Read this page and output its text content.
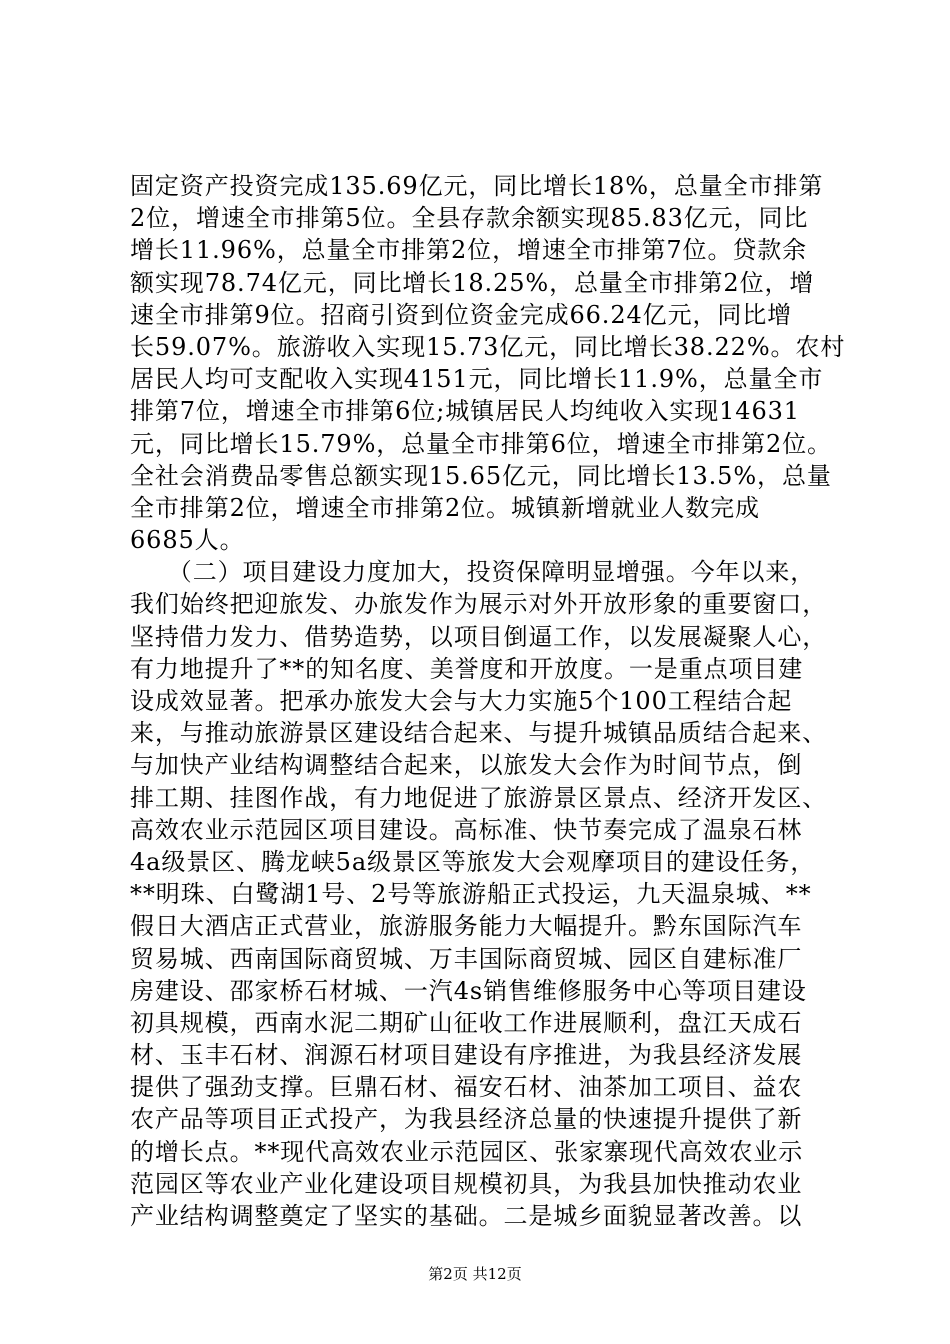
固定资产投资完成135.69亿元，同比增长18%，总量全市排第
2位，增速全市排第5位。全县存款余额实现85.83亿元，同比
增长11.96%，总量全市排第2位，增速全市排第7位。贷款余
额实现78.74亿元，同比增长18.25%，总量全市排第2位，增
速全市排第9位。招商引资到位资金完成66.24亿元，同比增
长59.07%。旅游收入实现15.73亿元，同比增长38.22%。农村
居民人均可支配收入实现4151元，同比增长11.9%，总量全市
排第7位，增速全市排第6位;城镇居民人均纯收入实现14631
元，同比增长15.79%，总量全市排第6位，增速全市排第2位。
全社会消费品零售总额实现15.65亿元，同比增长13.5%，总量
全市排第2位，增速全市排第2位。城镇新增就业人数完成
6685人。
　　（二）项目建设力度加大，投资保障明显增强。今年以来，
我们始终把迎旅发、办旅发作为展示对外开放形象的重要窗口，
坚持借力发力、借势造势，以项目倒逼工作，以发展凝聚人心，
有力地提升了**的知名度、美誉度和开放度。一是重点项目建
设成效显著。把承办旅发大会与大力实施5个100工程结合起
来，与推动旅游景区建设结合起来、与提升城镇品质结合起来、
与加快产业结构调整结合起来，以旅发大会作为时间节点，倒
排工期、挂图作战，有力地促进了旅游景区景点、经济开发区、
高效农业示范园区项目建设。高标准、快节奏完成了温泉石林
4a级景区、腾龙峡5a级景区等旅发大会观摩项目的建设任务，
**明珠、白鹭湖1号、2号等旅游船正式投运，九天温泉城、**
假日大酒店正式营业，旅游服务能力大幅提升。黔东国际汽车
贸易城、西南国际商贸城、万丰国际商贸城、园区自建标准厂
房建设、邵家桥石材城、一汽4s销售维修服务中心等项目建设
初具规模，西南水泥二期矿山征收工作进展顺利，盘江天成石
材、玉丰石材、润源石材项目建设有序推进，为我县经济发展
提供了强劲支撑。巨鼎石材、福安石材、油茶加工项目、益农
农产品等项目正式投产，为我县经济总量的快速提升提供了新
的增长点。**现代高效农业示范园区、张家寨现代高效农业示
范园区等农业产业化建设项目规模初具，为我县加快推动农业
产业结构调整奠定了坚实的基础。二是城乡面貌显著改善。以
第2页 共12页
